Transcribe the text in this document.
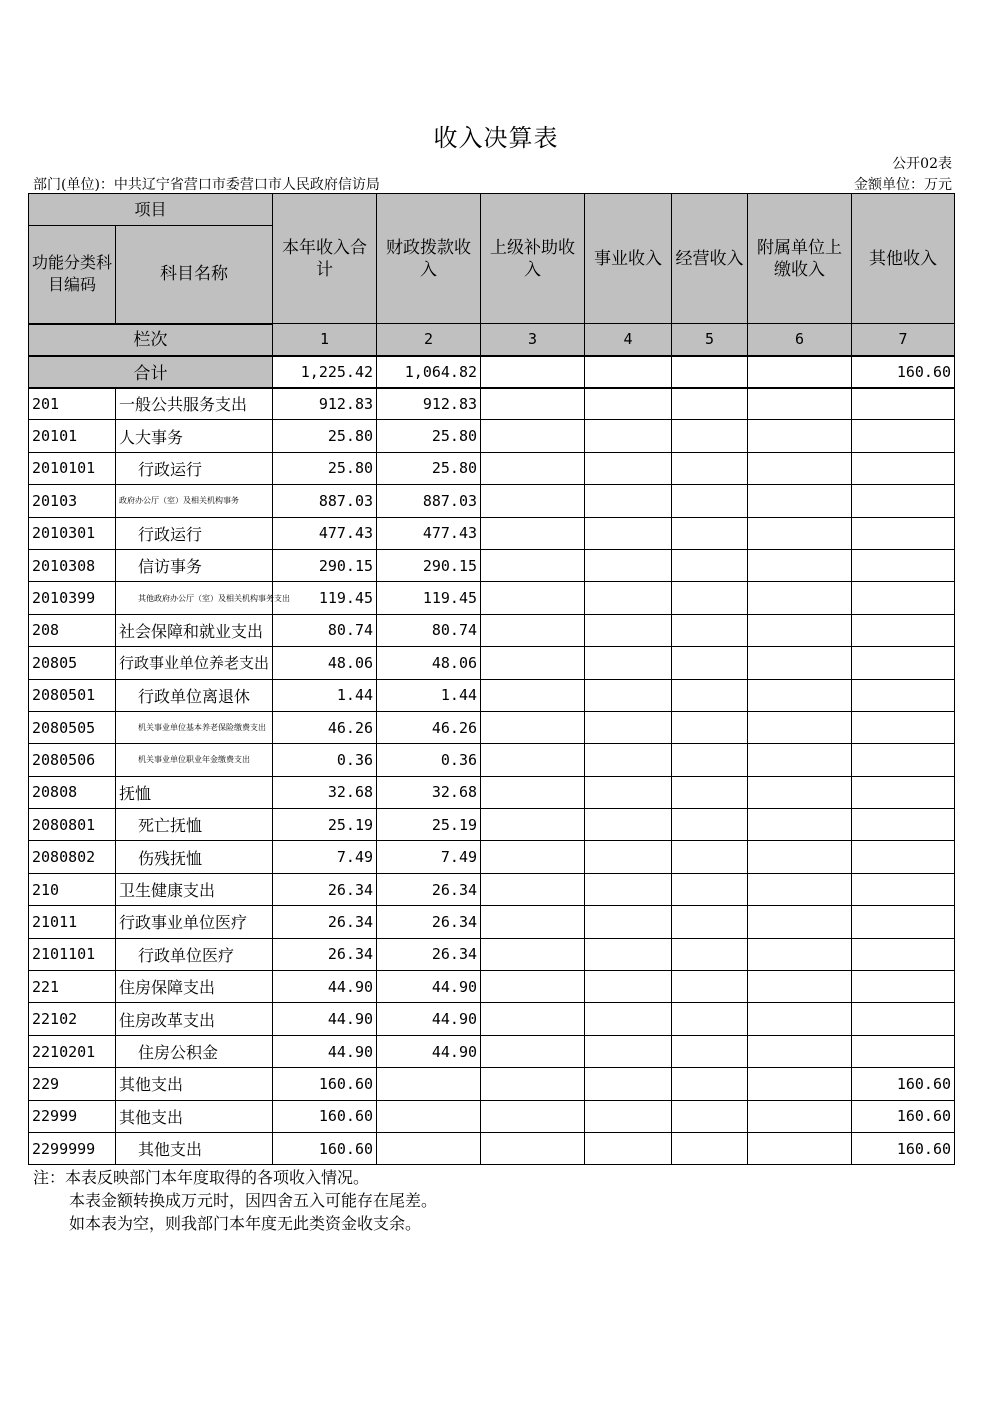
收入决算表
公开02表
部门(单位)：中共辽宁省营口市委营口市人民政府信访局	金额单位：万元
项目		本年收入合计	财政拨款收入	上级补助收入	事业收入	经营收入	附属单位上缴收入	其他收入
功能分类科目编码	科目名称							
栏次		1	2	3	4	5	6	7
合计		1,225.42	1,064.82					160.60
201	一般公共服务支出	912.83	912.83					
20101	人大事务	25.80	25.80					
2010101	行政运行	25.80	25.80					
20103	政府办公厅（室）及相关机构事务	887.03	887.03					
2010301	行政运行	477.43	477.43					
2010308	信访事务	290.15	290.15					
2010399	其他政府办公厅（室）及相关机构事务支出	119.45	119.45					
208	社会保障和就业支出	80.74	80.74					
20805	行政事业单位养老支出	48.06	48.06					
2080501	行政单位离退休	1.44	1.44					
2080505	机关事业单位基本养老保险缴费支出	46.26	46.26					
2080506	机关事业单位职业年金缴费支出	0.36	0.36					
20808	抚恤	32.68	32.68					
2080801	死亡抚恤	25.19	25.19					
2080802	伤残抚恤	7.49	7.49					
210	卫生健康支出	26.34	26.34					
21011	行政事业单位医疗	26.34	26.34					
2101101	行政单位医疗	26.34	26.34					
221	住房保障支出	44.90	44.90					
22102	住房改革支出	44.90	44.90					
2210201	住房公积金	44.90	44.90					
229	其他支出	160.60						160.60
22999	其他支出	160.60						160.60
2299999	其他支出	160.60						160.60
注：本表反映部门本年度取得的各项收入情况。
本表金额转换成万元时，因四舍五入可能存在尾差。
如本表为空，则我部门本年度无此类资金收支余。
